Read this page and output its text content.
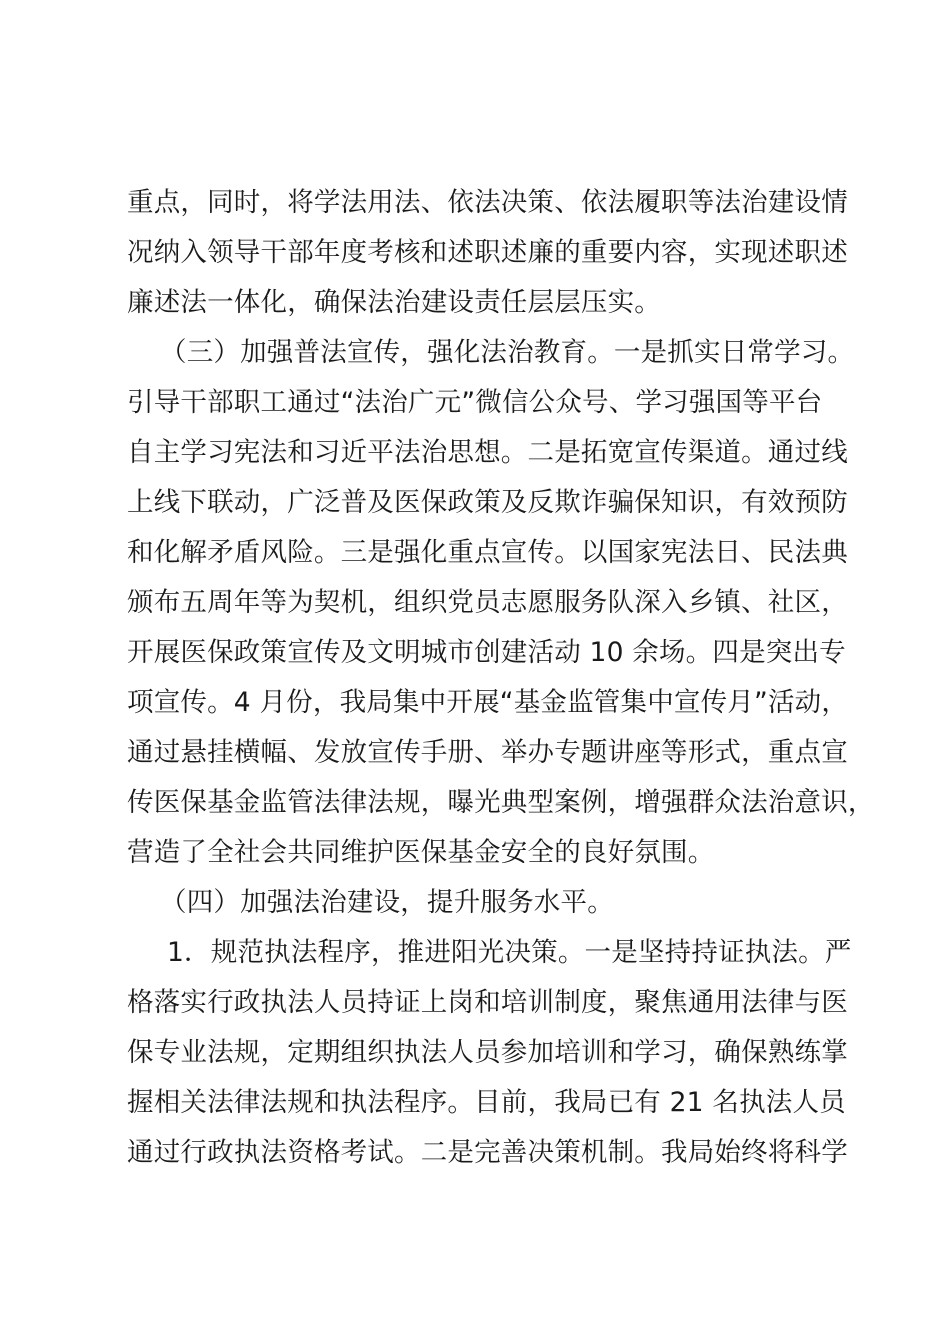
重点，同时，将学法用法、依法决策、依法履职等法治建设情
况纳入领导干部年度考核和述职述廉的重要内容，实现述职述
廉述法一体化，确保法治建设责任层层压实。
（三）加强普法宣传，强化法治教育。一是抓实日常学习。
引导干部职工通过“法治广元”微信公众号、学习强国等平台
自主学习宪法和习近平法治思想。二是拓宽宣传渠道。通过线
上线下联动，广泛普及医保政策及反欺诈骗保知识，有效预防
和化解矛盾风险。三是强化重点宣传。以国家宪法日、民法典
颁布五周年等为契机，组织党员志愿服务队深入乡镇、社区，
开展医保政策宣传及文明城市创建活动 10 余场。四是突出专
项宣传。4 月份，我局集中开展“基金监管集中宣传月”活动，
通过悬挂横幅、发放宣传手册、举办专题讲座等形式，重点宣
传医保基金监管法律法规，曝光典型案例，增强群众法治意识，
营造了全社会共同维护医保基金安全的良好氛围。
（四）加强法治建设，提升服务水平。
1．规范执法程序，推进阳光决策。一是坚持持证执法。严
格落实行政执法人员持证上岗和培训制度，聚焦通用法律与医
保专业法规，定期组织执法人员参加培训和学习，确保熟练掌
握相关法律法规和执法程序。目前，我局已有 21 名执法人员
通过行政执法资格考试。二是完善决策机制。我局始终将科学
